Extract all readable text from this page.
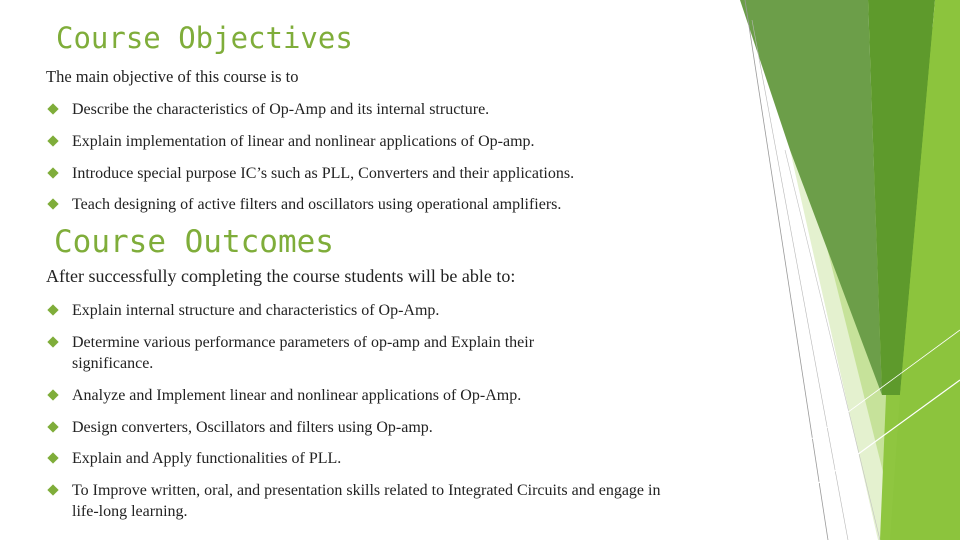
Course Objectives

The main objective of this course is to

Describe the characteristics of Op-Amp and its internal structure.
Explain implementation of linear and nonlinear applications of Op-amp.
Introduce special purpose IC’s such as PLL, Converters and their applications.
Teach designing of active filters and oscillators using operational amplifiers.
Course Outcomes

After successfully completing the course students will be able to:

Explain internal structure and characteristics of Op-Amp.
Determine various performance parameters of op-amp and Explain their significance.
Analyze and Implement linear and nonlinear applications of Op-Amp.
Design converters, Oscillators and filters using Op-amp.
Explain and Apply functionalities of PLL.
To Improve written, oral, and presentation skills related to Integrated Circuits and engage in life-long learning.
